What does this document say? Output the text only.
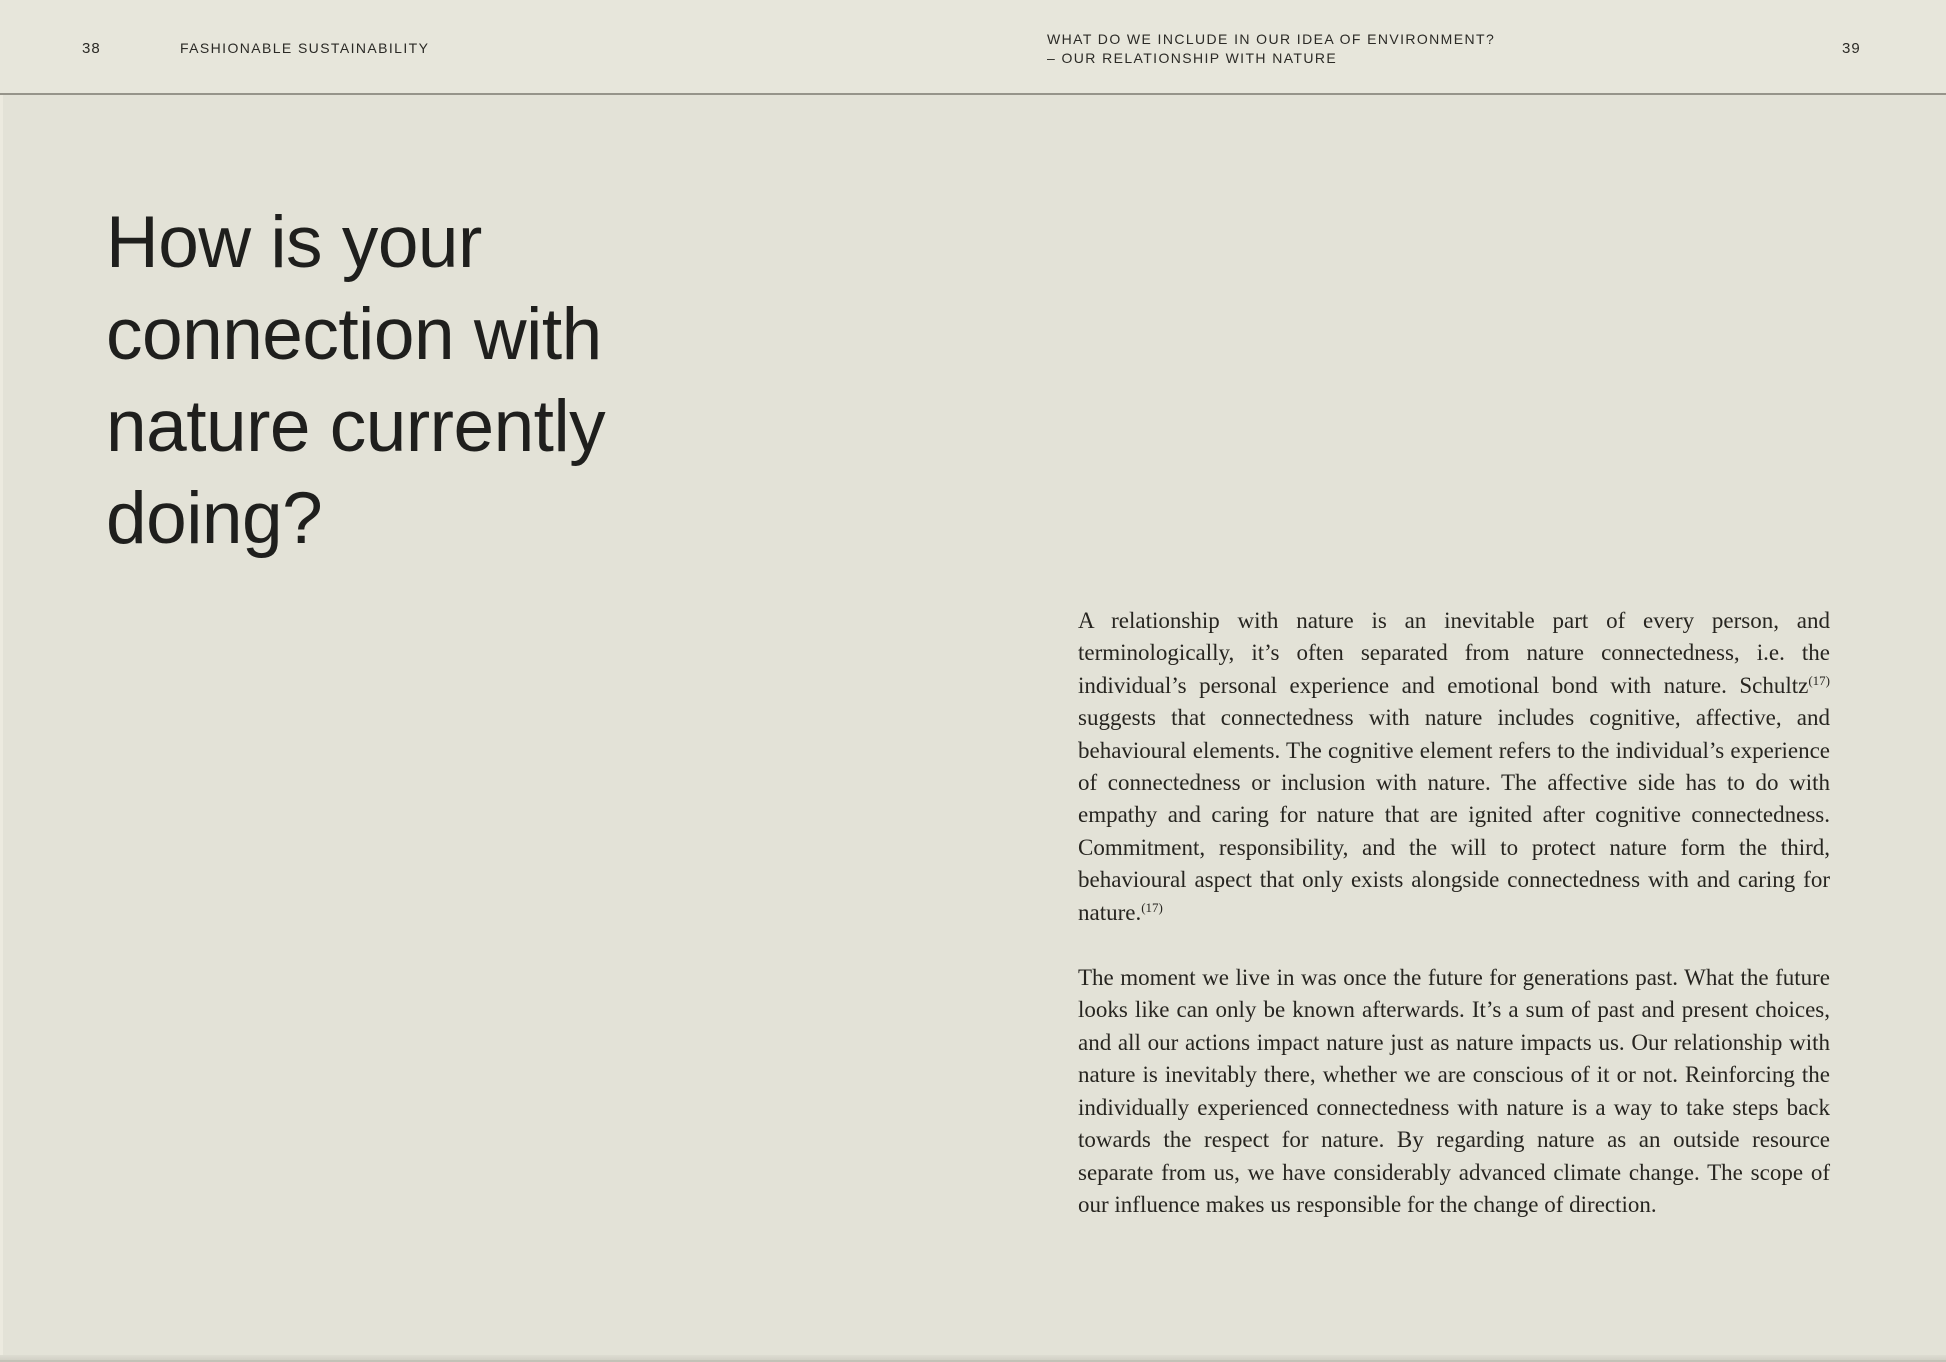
38	FASHIONABLE SUSTAINABILITY
WHAT DO WE INCLUDE IN OUR IDEA OF ENVIRONMENT?
– OUR RELATIONSHIP WITH NATURE
39
How is your
connection with
nature currently
doing?

A relationship with nature is an inevitable part of every person, and terminologically, it’s often separated from nature connectedness, i.e. the individual’s personal experience and emotional bond with nature. Schultz$^{(17)}$ suggests that connectedness with nature includes cognitive, affective, and behavioural elements. The cognitive element refers to the individual’s experience of connectedness or inclusion with nature. The affective side has to do with empathy and caring for nature that are ignited after cognitive connectedness. Commitment, responsibility, and the will to protect nature form the third, behavioural aspect that only exists alongside connectedness with and caring for nature.$^{(17)}$

The moment we live in was once the future for generations past. What the future looks like can only be known afterwards. It’s a sum of past and present choices, and all our actions impact nature just as nature impacts us. Our relationship with nature is inevitably there, whether we are conscious of it or not. Reinforcing the individually experienced connectedness with nature is a way to take steps back towards the respect for nature. By regarding nature as an outside resource separate from us, we have considerably advanced climate change. The scope of our influence makes us responsible for the change of direction.
